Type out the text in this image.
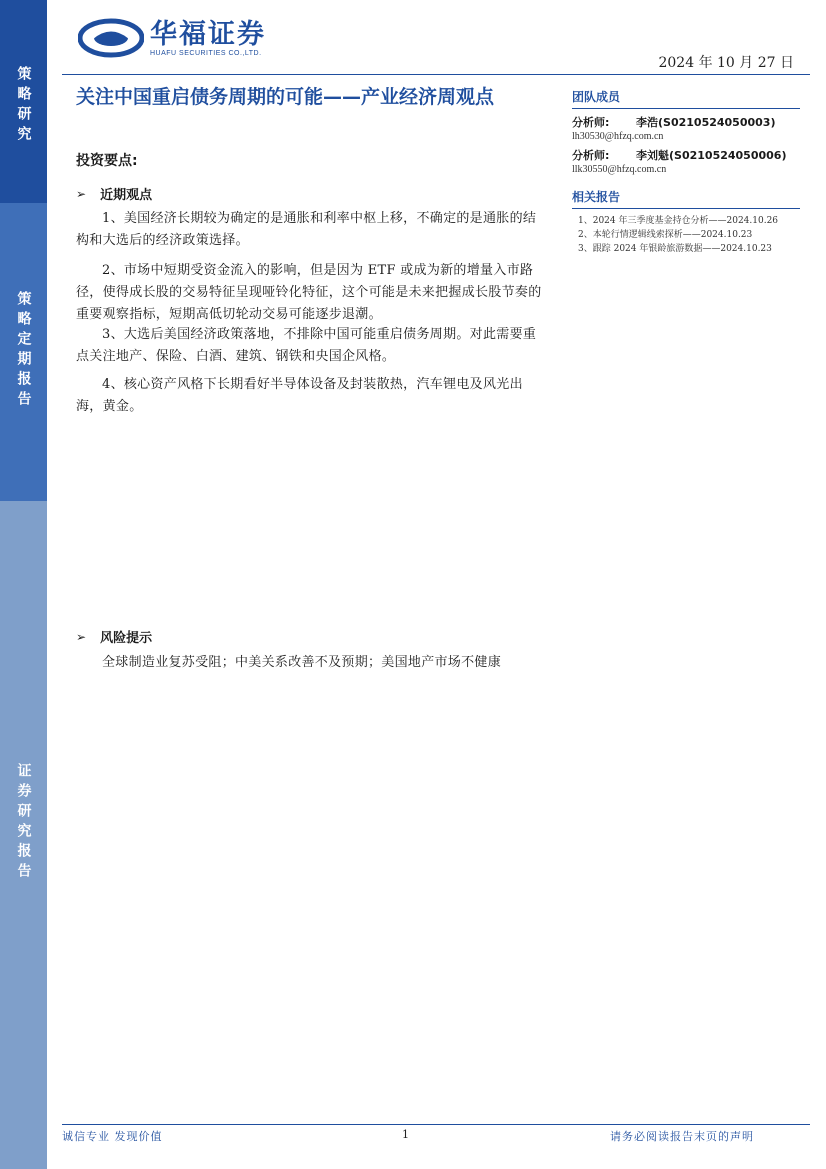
策略研究
策略定期报告
证券研究报告
华福证券
HUAFU SECURITIES CO.,LTD.
2024 年 10 月 27 日
关注中国重启债务周期的可能——产业经济周观点
投资要点:
➢ 近期观点
1、美国经济长期较为确定的是通胀和利率中枢上移，不确定的是通胀的结构和大选后的经济政策选择。
2、市场中短期受资金流入的影响，但是因为 ETF 或成为新的增量入市路径，使得成长股的交易特征呈现哑铃化特征，这个可能是未来把握成长股节奏的重要观察指标，短期高低切轮动交易可能逐步退潮。
3、大选后美国经济政策落地，不排除中国可能重启债务周期。对此需要重点关注地产、保险、白酒、建筑、钢铁和央国企风格。
4、核心资产风格下长期看好半导体设备及封装散热，汽车锂电及风光出海，黄金。
➢ 风险提示
全球制造业复苏受阻；中美关系改善不及预期；美国地产市场不健康
团队成员
分析师:	李浩(S0210524050003)
lh30530@hfzq.com.cn
分析师:	李刘魁(S0210524050006)
llk30550@hfzq.com.cn
相关报告
1、2024 年三季度基金持仓分析——2024.10.26
2、本轮行情逻辑线索探析——2024.10.23
3、跟踪 2024 年银龄旅游数据——2024.10.23
诚信专业 发现价值	1	请务必阅读报告末页的声明
